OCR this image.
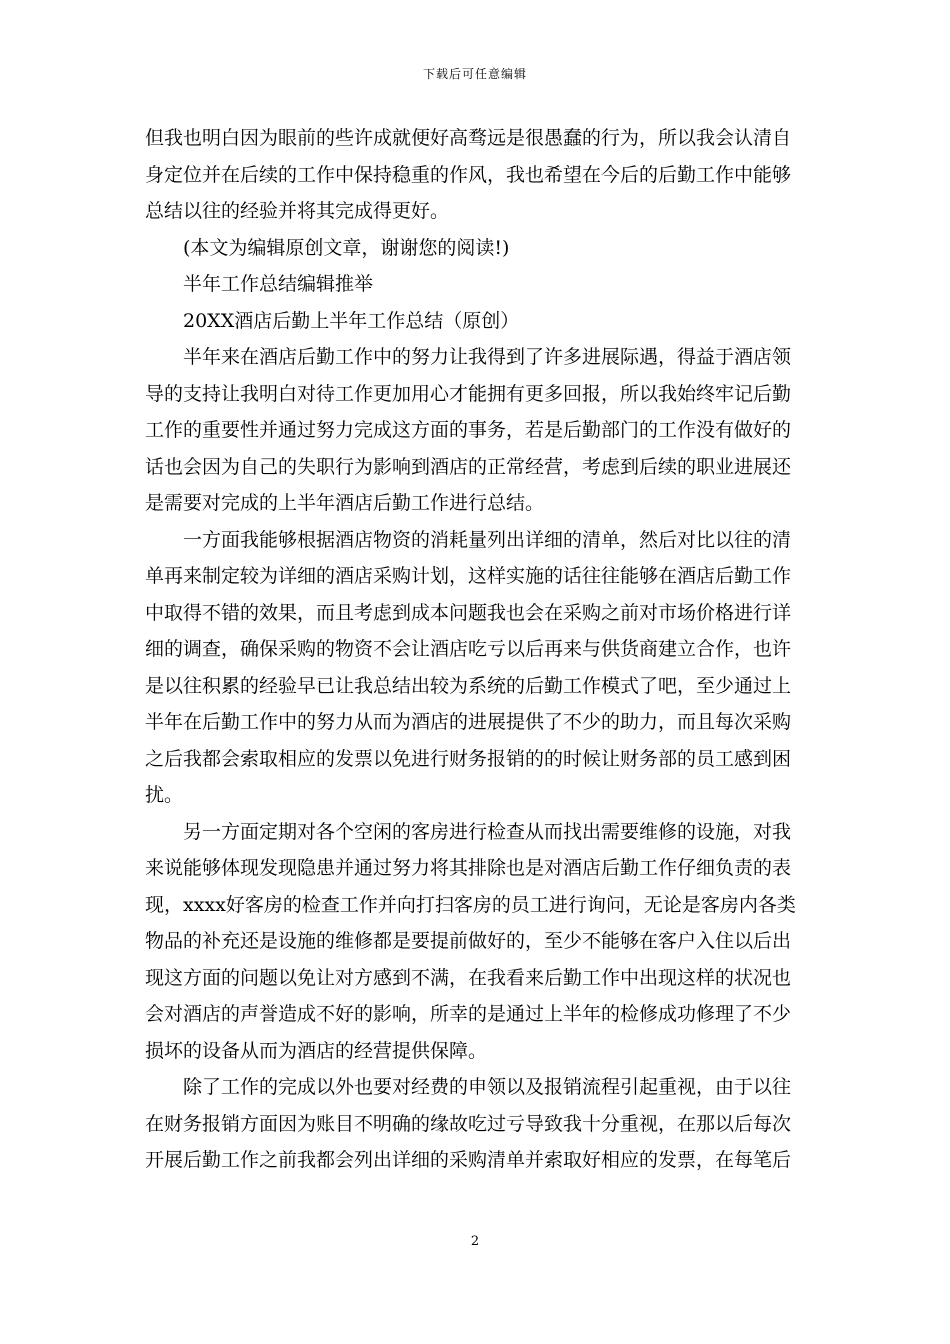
下载后可任意编辑
但我也明白因为眼前的些许成就便好高骛远是很愚蠢的行为，所以我会认清自
身定位并在后续的工作中保持稳重的作风，我也希望在今后的后勤工作中能够
总结以往的经验并将其完成得更好。
(本文为编辑原创文章，谢谢您的阅读!)
半年工作总结编辑推举
20XX酒店后勤上半年工作总结（原创）
半年来在酒店后勤工作中的努力让我得到了许多进展际遇，得益于酒店领
导的支持让我明白对待工作更加用心才能拥有更多回报，所以我始终牢记后勤
工作的重要性并通过努力完成这方面的事务，若是后勤部门的工作没有做好的
话也会因为自己的失职行为影响到酒店的正常经营，考虑到后续的职业进展还
是需要对完成的上半年酒店后勤工作进行总结。
一方面我能够根据酒店物资的消耗量列出详细的清单，然后对比以往的清
单再来制定较为详细的酒店采购计划，这样实施的话往往能够在酒店后勤工作
中取得不错的效果，而且考虑到成本问题我也会在采购之前对市场价格进行详
细的调查，确保采购的物资不会让酒店吃亏以后再来与供货商建立合作，也许
是以往积累的经验早已让我总结出较为系统的后勤工作模式了吧，至少通过上
半年在后勤工作中的努力从而为酒店的进展提供了不少的助力，而且每次采购
之后我都会索取相应的发票以免进行财务报销的的时候让财务部的员工感到困
扰。
另一方面定期对各个空闲的客房进行检查从而找出需要维修的设施，对我
来说能够体现发现隐患并通过努力将其排除也是对酒店后勤工作仔细负责的表
现，xxxx好客房的检查工作并向打扫客房的员工进行询问，无论是客房内各类
物品的补充还是设施的维修都是要提前做好的，至少不能够在客户入住以后出
现这方面的问题以免让对方感到不满，在我看来后勤工作中出现这样的状况也
会对酒店的声誉造成不好的影响，所幸的是通过上半年的检修成功修理了不少
损坏的设备从而为酒店的经营提供保障。
除了工作的完成以外也要对经费的申领以及报销流程引起重视，由于以往
在财务报销方面因为账目不明确的缘故吃过亏导致我十分重视，在那以后每次
开展后勤工作之前我都会列出详细的采购清单并索取好相应的发票，在每笔后
2
